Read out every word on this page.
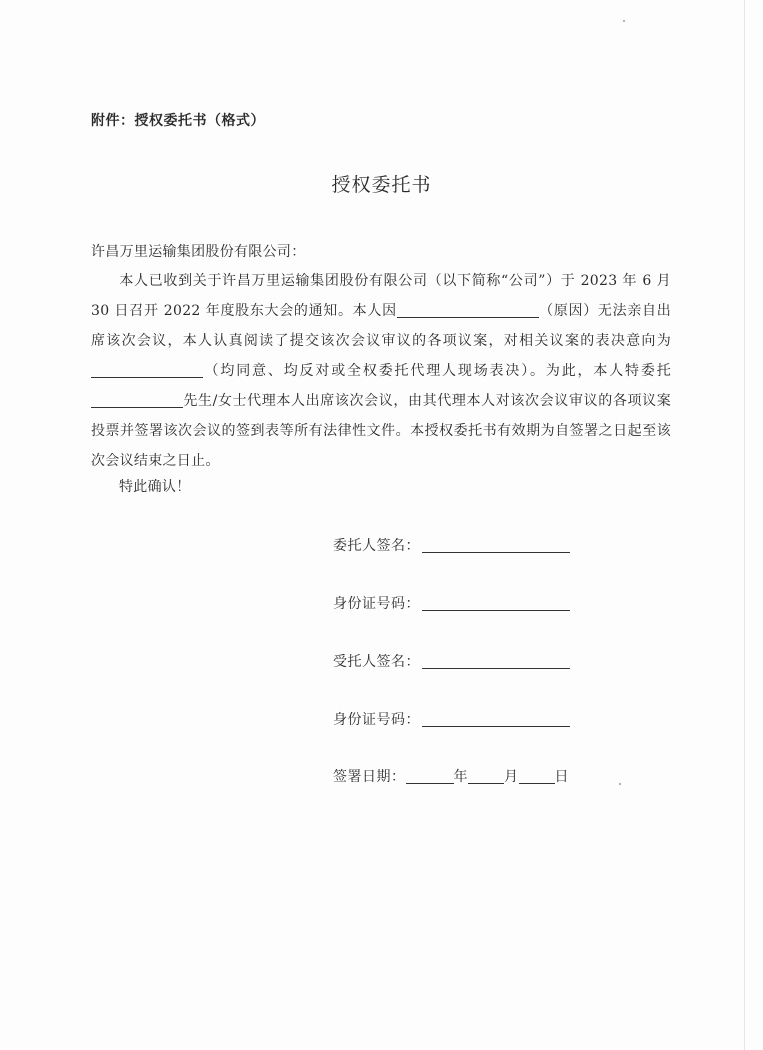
附件：授权委托书（格式）
授权委托书
许昌万里运输集团股份有限公司：
本人已收到关于许昌万里运输集团股份有限公司（以下简称“公司”）于 2023 年 6 月 30 日召开 2022 年度股东大会的通知。本人因	（原因）无法亲自出席该次会议，本人认真阅读了提交该次会议审议的各项议案，对相关议案的表决意向为（均同意、均反对或全权委托代理人现场表决）。为此，本人特委托先生/女士代理本人出席该次会议，由其代理本人对该次会议审议的各项议案投票并签署该次会议的签到表等所有法律性文件。本授权委托书有效期为自签署之日起至该次会议结束之日止。
特此确认！
委托人签名：
身份证号码：
受托人签名：
身份证号码：
签署日期：	年	月	日
